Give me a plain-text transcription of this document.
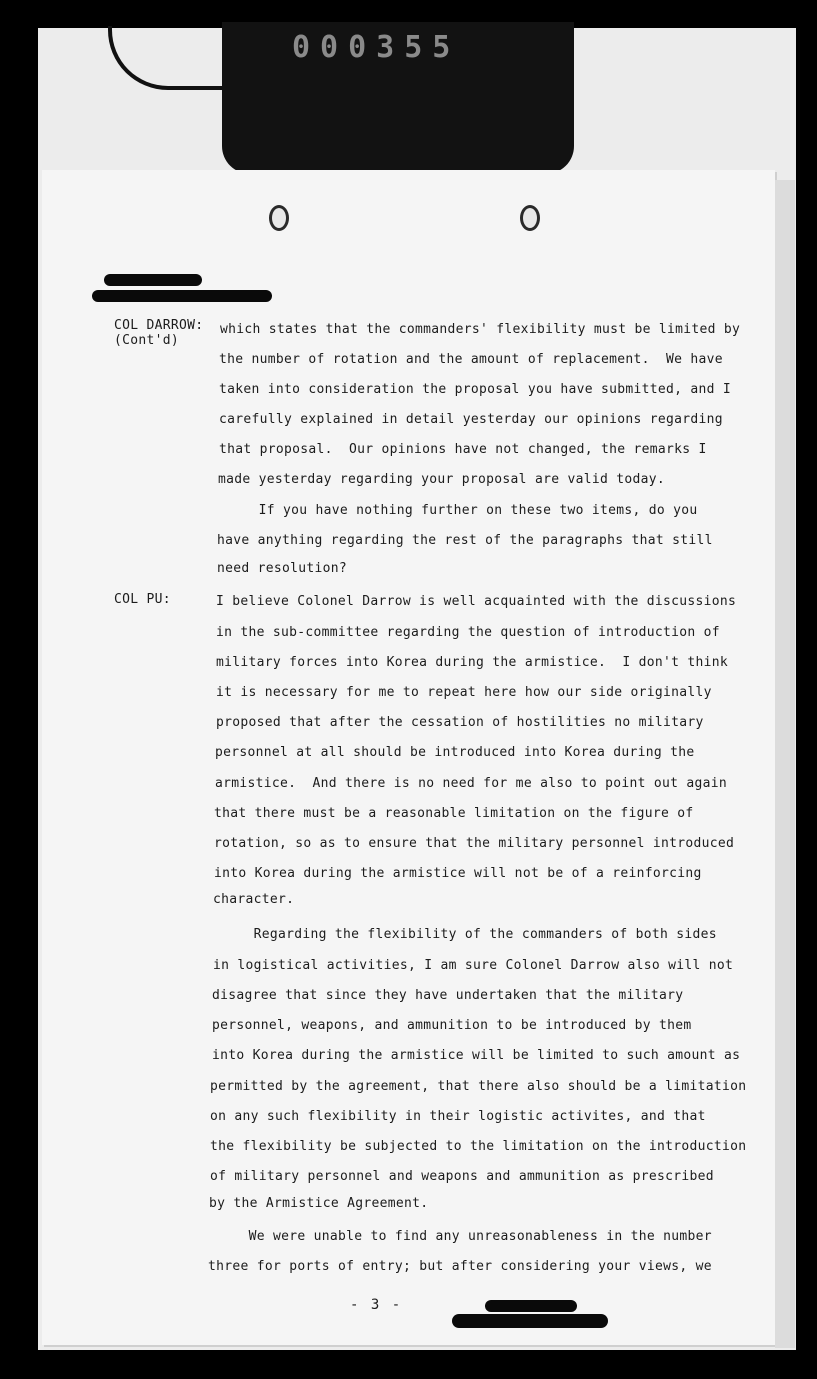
000355
COL DARROW:
(Cont'd)
COL PU:
which states that the commanders' flexibility must be limited by
the number of rotation and the amount of replacement.  We have
taken into consideration the proposal you have submitted, and I
carefully explained in detail yesterday our opinions regarding
that proposal.  Our opinions have not changed, the remarks I
made yesterday regarding your proposal are valid today.
If you have nothing further on these two items, do you
have anything regarding the rest of the paragraphs that still
need resolution?
I believe Colonel Darrow is well acquainted with the discussions
in the sub-committee regarding the question of introduction of
military forces into Korea during the armistice.  I don't think
it is necessary for me to repeat here how our side originally
proposed that after the cessation of hostilities no military
personnel at all should be introduced into Korea during the
armistice.  And there is no need for me also to point out again
that there must be a reasonable limitation on the figure of
rotation, so as to ensure that the military personnel introduced
into Korea during the armistice will not be of a reinforcing
character.
Regarding the flexibility of the commanders of both sides
in logistical activities, I am sure Colonel Darrow also will not
disagree that since they have undertaken that the military
personnel, weapons, and ammunition to be introduced by them
into Korea during the armistice will be limited to such amount as
permitted by the agreement, that there also should be a limitation
on any such flexibility in their logistic activites, and that
the flexibility be subjected to the limitation on the introduction
of military personnel and weapons and ammunition as prescribed
by the Armistice Agreement.
We were unable to find any unreasonableness in the number
three for ports of entry; but after considering your views, we
- 3 -
